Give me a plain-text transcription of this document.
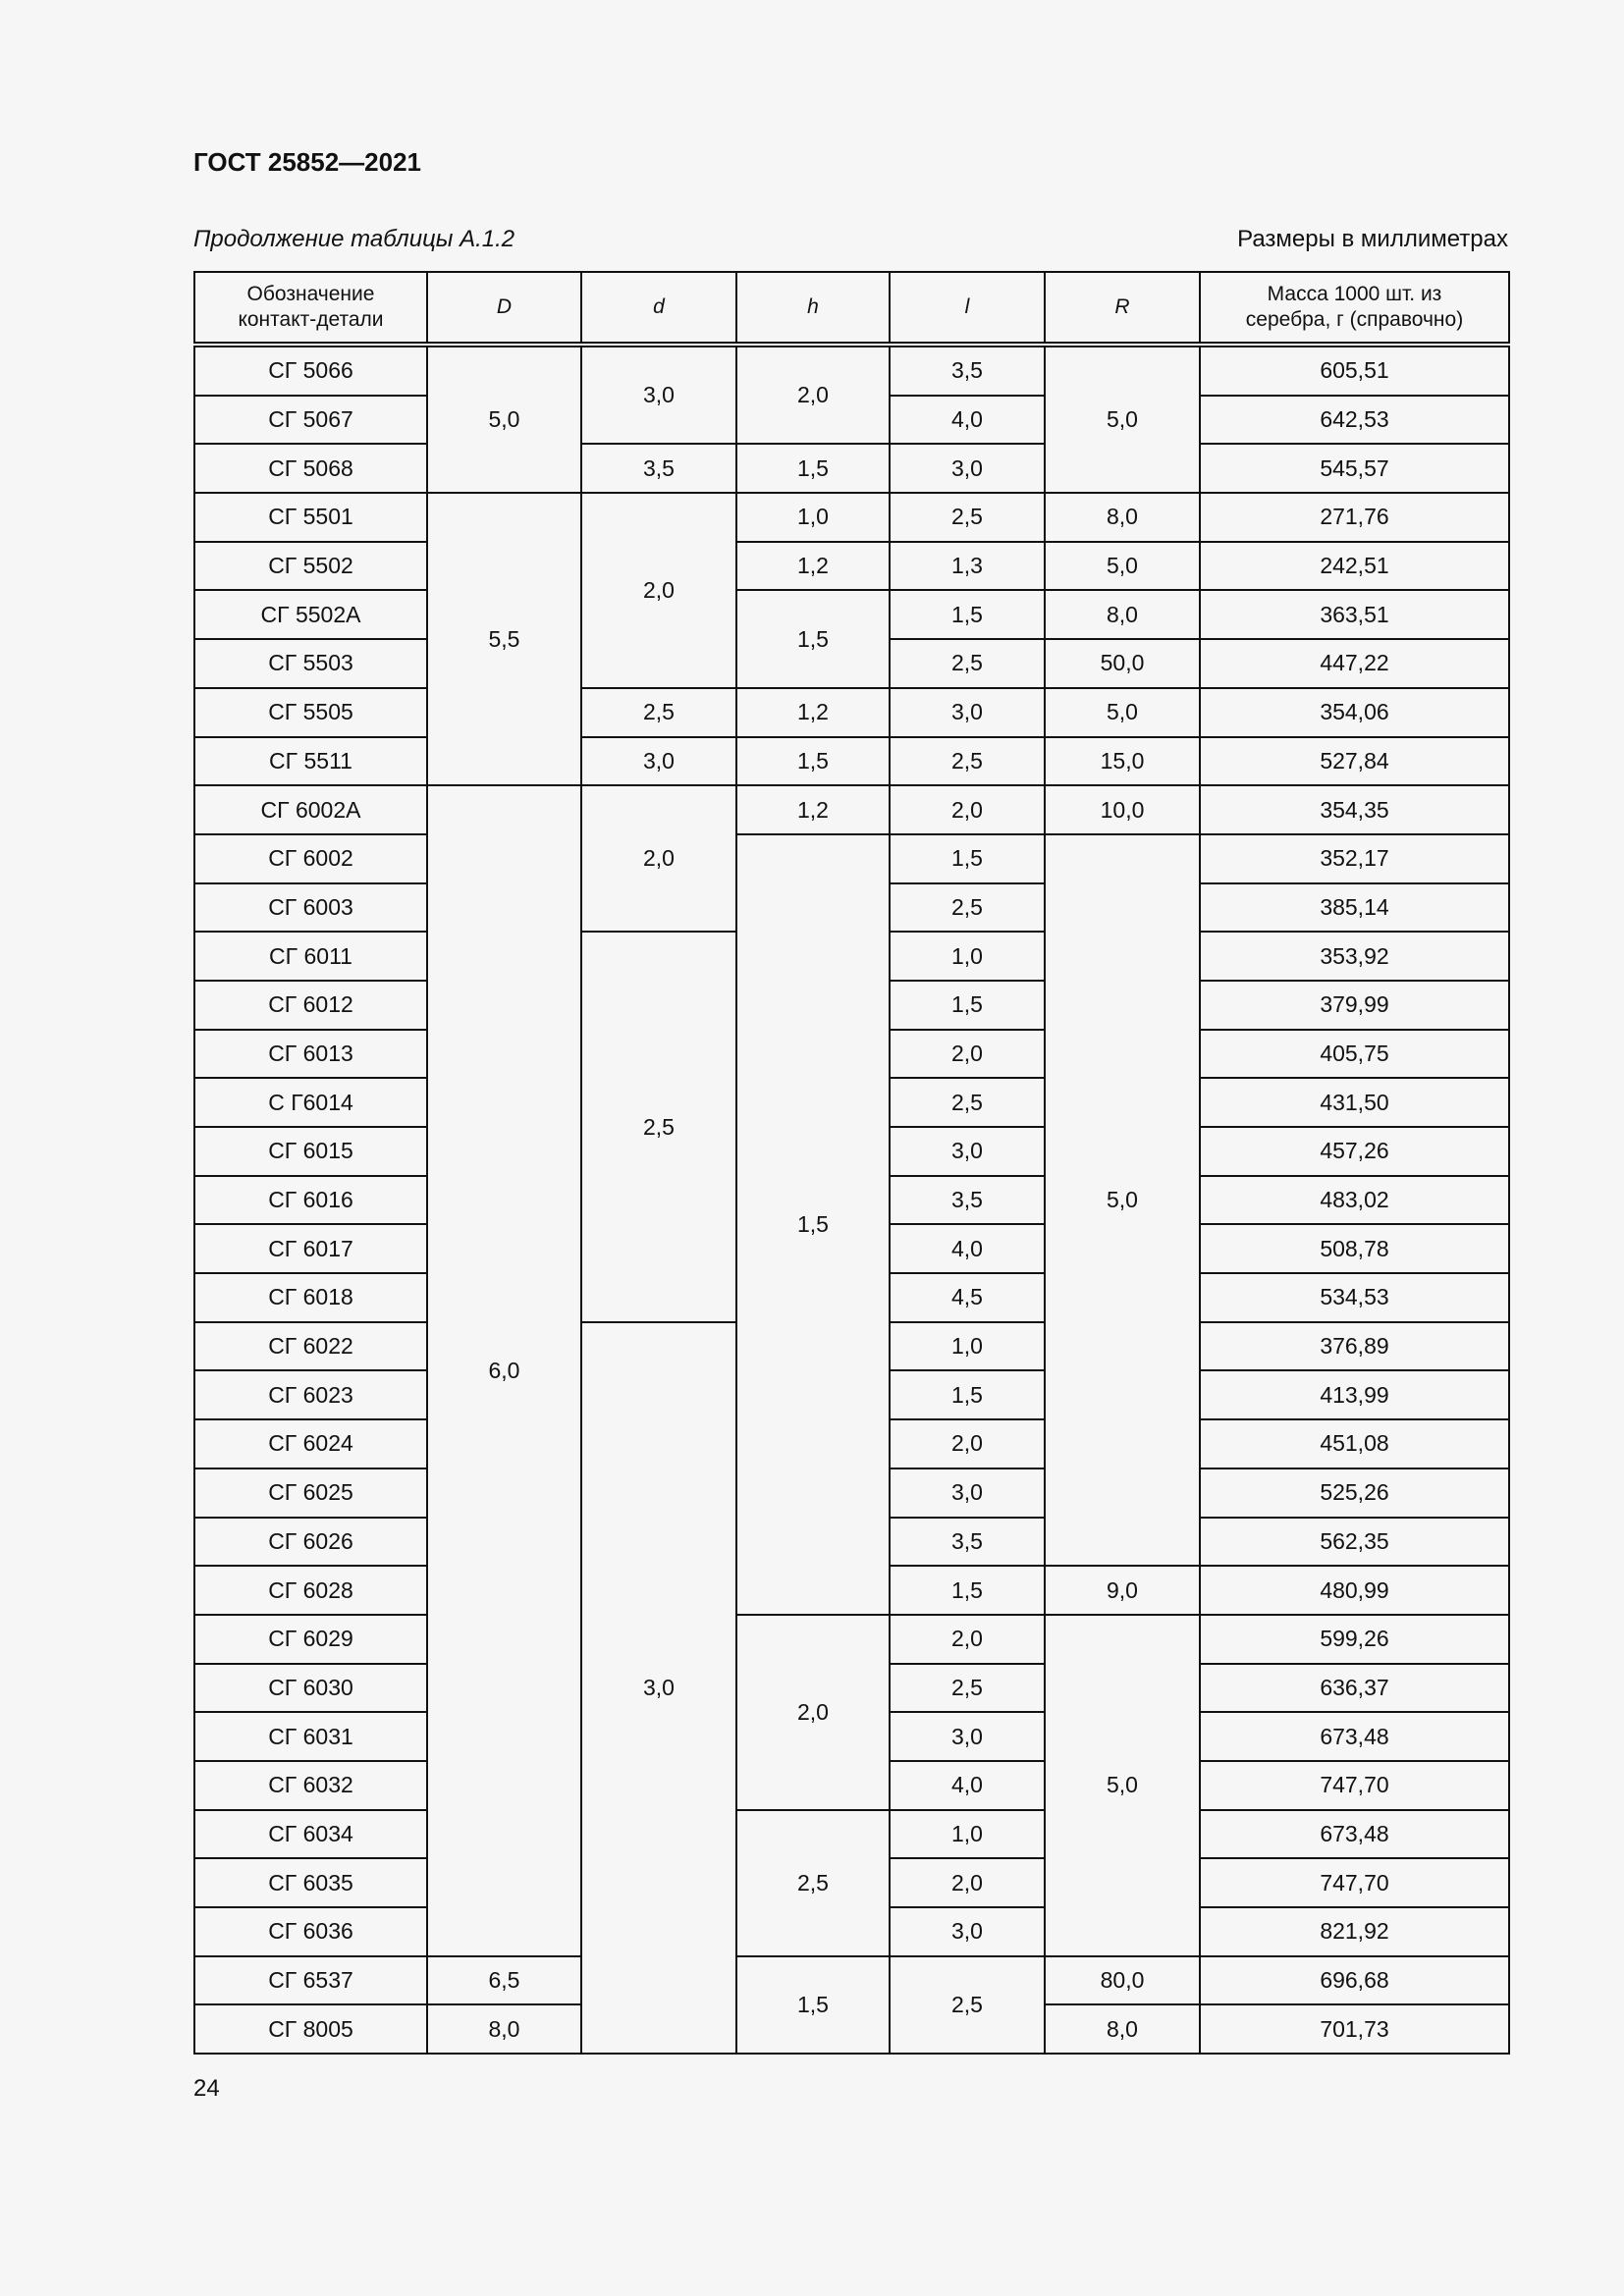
ГОСТ 25852—2021
Продолжение таблицы А.1.2	Размеры в миллиметрах
Обозначение контакт-детали	D	d	h	l	R	Масса 1000 шт. из серебра, г (справочно)
СГ 5066	5,0	3,0	2,0	3,5	5,0	605,51
СГ 5067				4,0		642,53
СГ 5068		3,5	1,5	3,0		545,57
СГ 5501	5,5	2,0	1,0	2,5	8,0	271,76
СГ 5502			1,2	1,3	5,0	242,51
СГ 5502А			1,5	1,5	8,0	363,51
СГ 5503				2,5	50,0	447,22
СГ 5505		2,5	1,2	3,0	5,0	354,06
СГ 5511		3,0	1,5	2,5	15,0	527,84
СГ 6002А	6,0	2,0	1,2	2,0	10,0	354,35
СГ 6002			1,5	1,5	5,0	352,17
СГ 6003				2,5		385,14
СГ 6011		2,5		1,0		353,92
СГ 6012				1,5		379,99
СГ 6013				2,0		405,75
С Г6014				2,5		431,50
СГ 6015				3,0		457,26
СГ 6016				3,5		483,02
СГ 6017				4,0		508,78
СГ 6018				4,5		534,53
СГ 6022		3,0		1,0		376,89
СГ 6023				1,5		413,99
СГ 6024				2,0		451,08
СГ 6025				3,0		525,26
СГ 6026				3,5		562,35
СГ 6028				1,5	9,0	480,99
СГ 6029			2,0	2,0	5,0	599,26
СГ 6030				2,5		636,37
СГ 6031				3,0		673,48
СГ 6032				4,0		747,70
СГ 6034			2,5	1,0		673,48
СГ 6035				2,0		747,70
СГ 6036				3,0		821,92
СГ 6537	6,5		1,5	2,5	80,0	696,68
СГ 8005	8,0				8,0	701,73
24
